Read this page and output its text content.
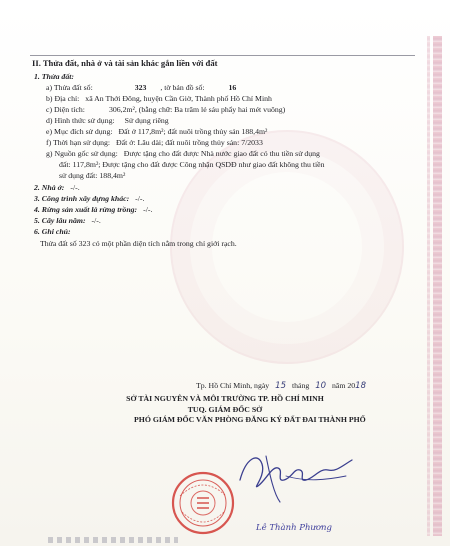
II. Thửa đất, nhà ở và tài sản khác gắn liền với đất
1. Thửa đất:
a) Thửa đất số:	323 , tờ bản đồ số:	16
b) Địa chỉ: xã An Thới Đông, huyện Cần Giờ, Thành phố Hồ Chí Minh
c) Diện tích:	306,2m², (bằng chữ: Ba trăm lẻ sáu phẩy hai mét vuông)
d) Hình thức sử dụng: Sử dụng riêng
e) Mục đích sử dụng: Đất ở 117,8m²; đất nuôi trồng thủy sản 188,4m²
f) Thời hạn sử dụng: Đất ở: Lâu dài; đất nuôi trồng thủy sản: 7/2033
g) Nguồn gốc sử dụng: Được tặng cho đất được Nhà nước giao đất có thu tiền sử dụng
đất: 117,8m²; Được tặng cho đất được Công nhận QSDĐ như giao đất không thu tiền
sử dụng đất: 188,4m²
2. Nhà ở: -/-.
3. Công trình xây dựng khác: -/-.
4. Rừng sản xuất là rừng trồng: -/-.
5. Cây lâu năm: -/-.
6. Ghi chú:
Thửa đất số 323 có một phần diện tích nằm trong chỉ giới rạch.
Tp. Hồ Chí Minh, ngày 15 tháng 10 năm 2018
SỞ TÀI NGUYÊN VÀ MÔI TRƯỜNG TP. HỒ CHÍ MINH
TUQ. GIÁM ĐỐC SỞ
PHÓ GIÁM ĐỐC VĂN PHÒNG ĐĂNG KÝ ĐẤT ĐAI THÀNH PHỐ
Lê Thành Phương
